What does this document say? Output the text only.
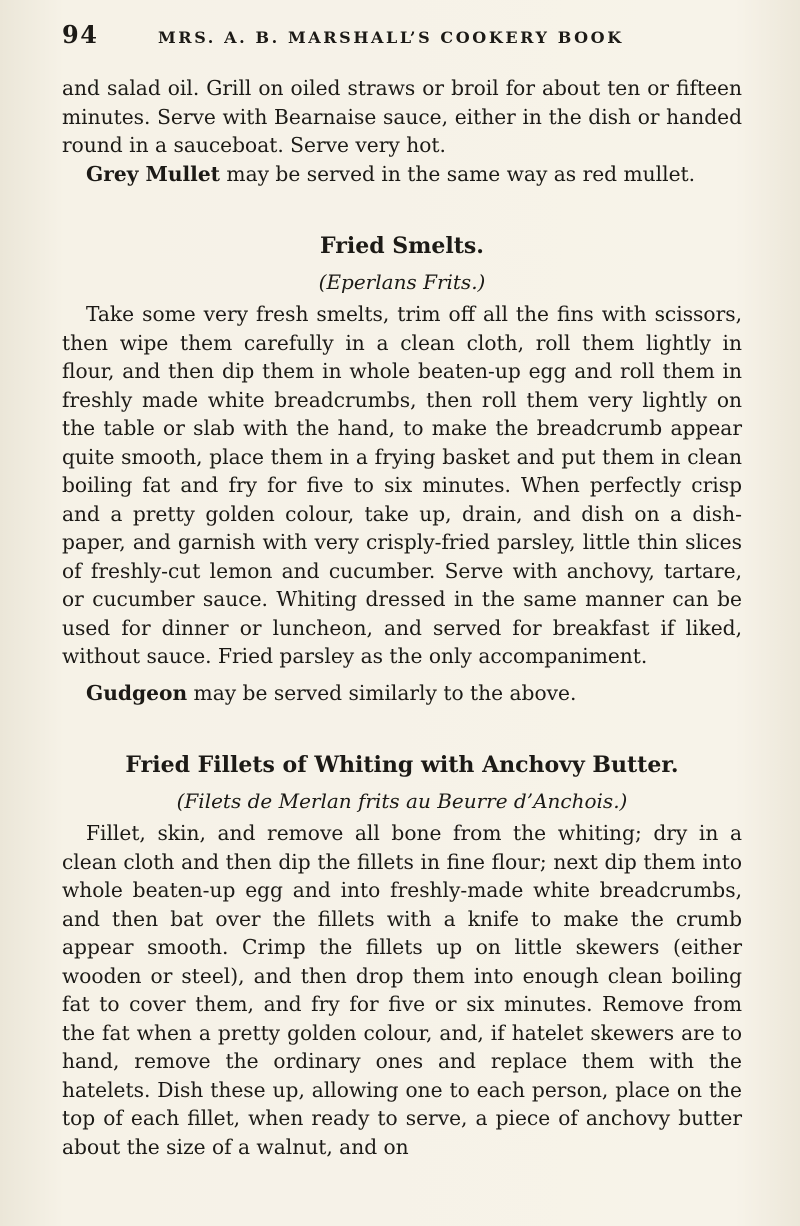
94	MRS. A. B. MARSHALL’S COOKERY BOOK

and salad oil. Grill on oiled straws or broil for about ten or fifteen minutes. Serve with Bearnaise sauce, either in the dish or handed round in a sauceboat. Serve very hot.

Grey Mullet may be served in the same way as red mullet.

Fried Smelts.
(Eperlans Frits.)

Take some very fresh smelts, trim off all the fins with scissors, then wipe them carefully in a clean cloth, roll them lightly in flour, and then dip them in whole beaten-up egg and roll them in freshly made white breadcrumbs, then roll them very lightly on the table or slab with the hand, to make the breadcrumb appear quite smooth, place them in a frying basket and put them in clean boiling fat and fry for five to six minutes. When perfectly crisp and a pretty golden colour, take up, drain, and dish on a dish-paper, and garnish with very crisply-fried parsley, little thin slices of freshly-cut lemon and cucumber. Serve with anchovy, tartare, or cucumber sauce. Whiting dressed in the same manner can be used for dinner or luncheon, and served for breakfast if liked, without sauce. Fried parsley as the only accompaniment.

Gudgeon may be served similarly to the above.

Fried Fillets of Whiting with Anchovy Butter.
(Filets de Merlan frits au Beurre d’Anchois.)

Fillet, skin, and remove all bone from the whiting; dry in a clean cloth and then dip the fillets in fine flour; next dip them into whole beaten-up egg and into freshly-made white breadcrumbs, and then bat over the fillets with a knife to make the crumb appear smooth. Crimp the fillets up on little skewers (either wooden or steel), and then drop them into enough clean boiling fat to cover them, and fry for five or six minutes. Remove from the fat when a pretty golden colour, and, if hatelet skewers are to hand, remove the ordinary ones and replace them with the hatelets. Dish these up, allowing one to each person, place on the top of each fillet, when ready to serve, a piece of anchovy butter about the size of a walnut, and on
